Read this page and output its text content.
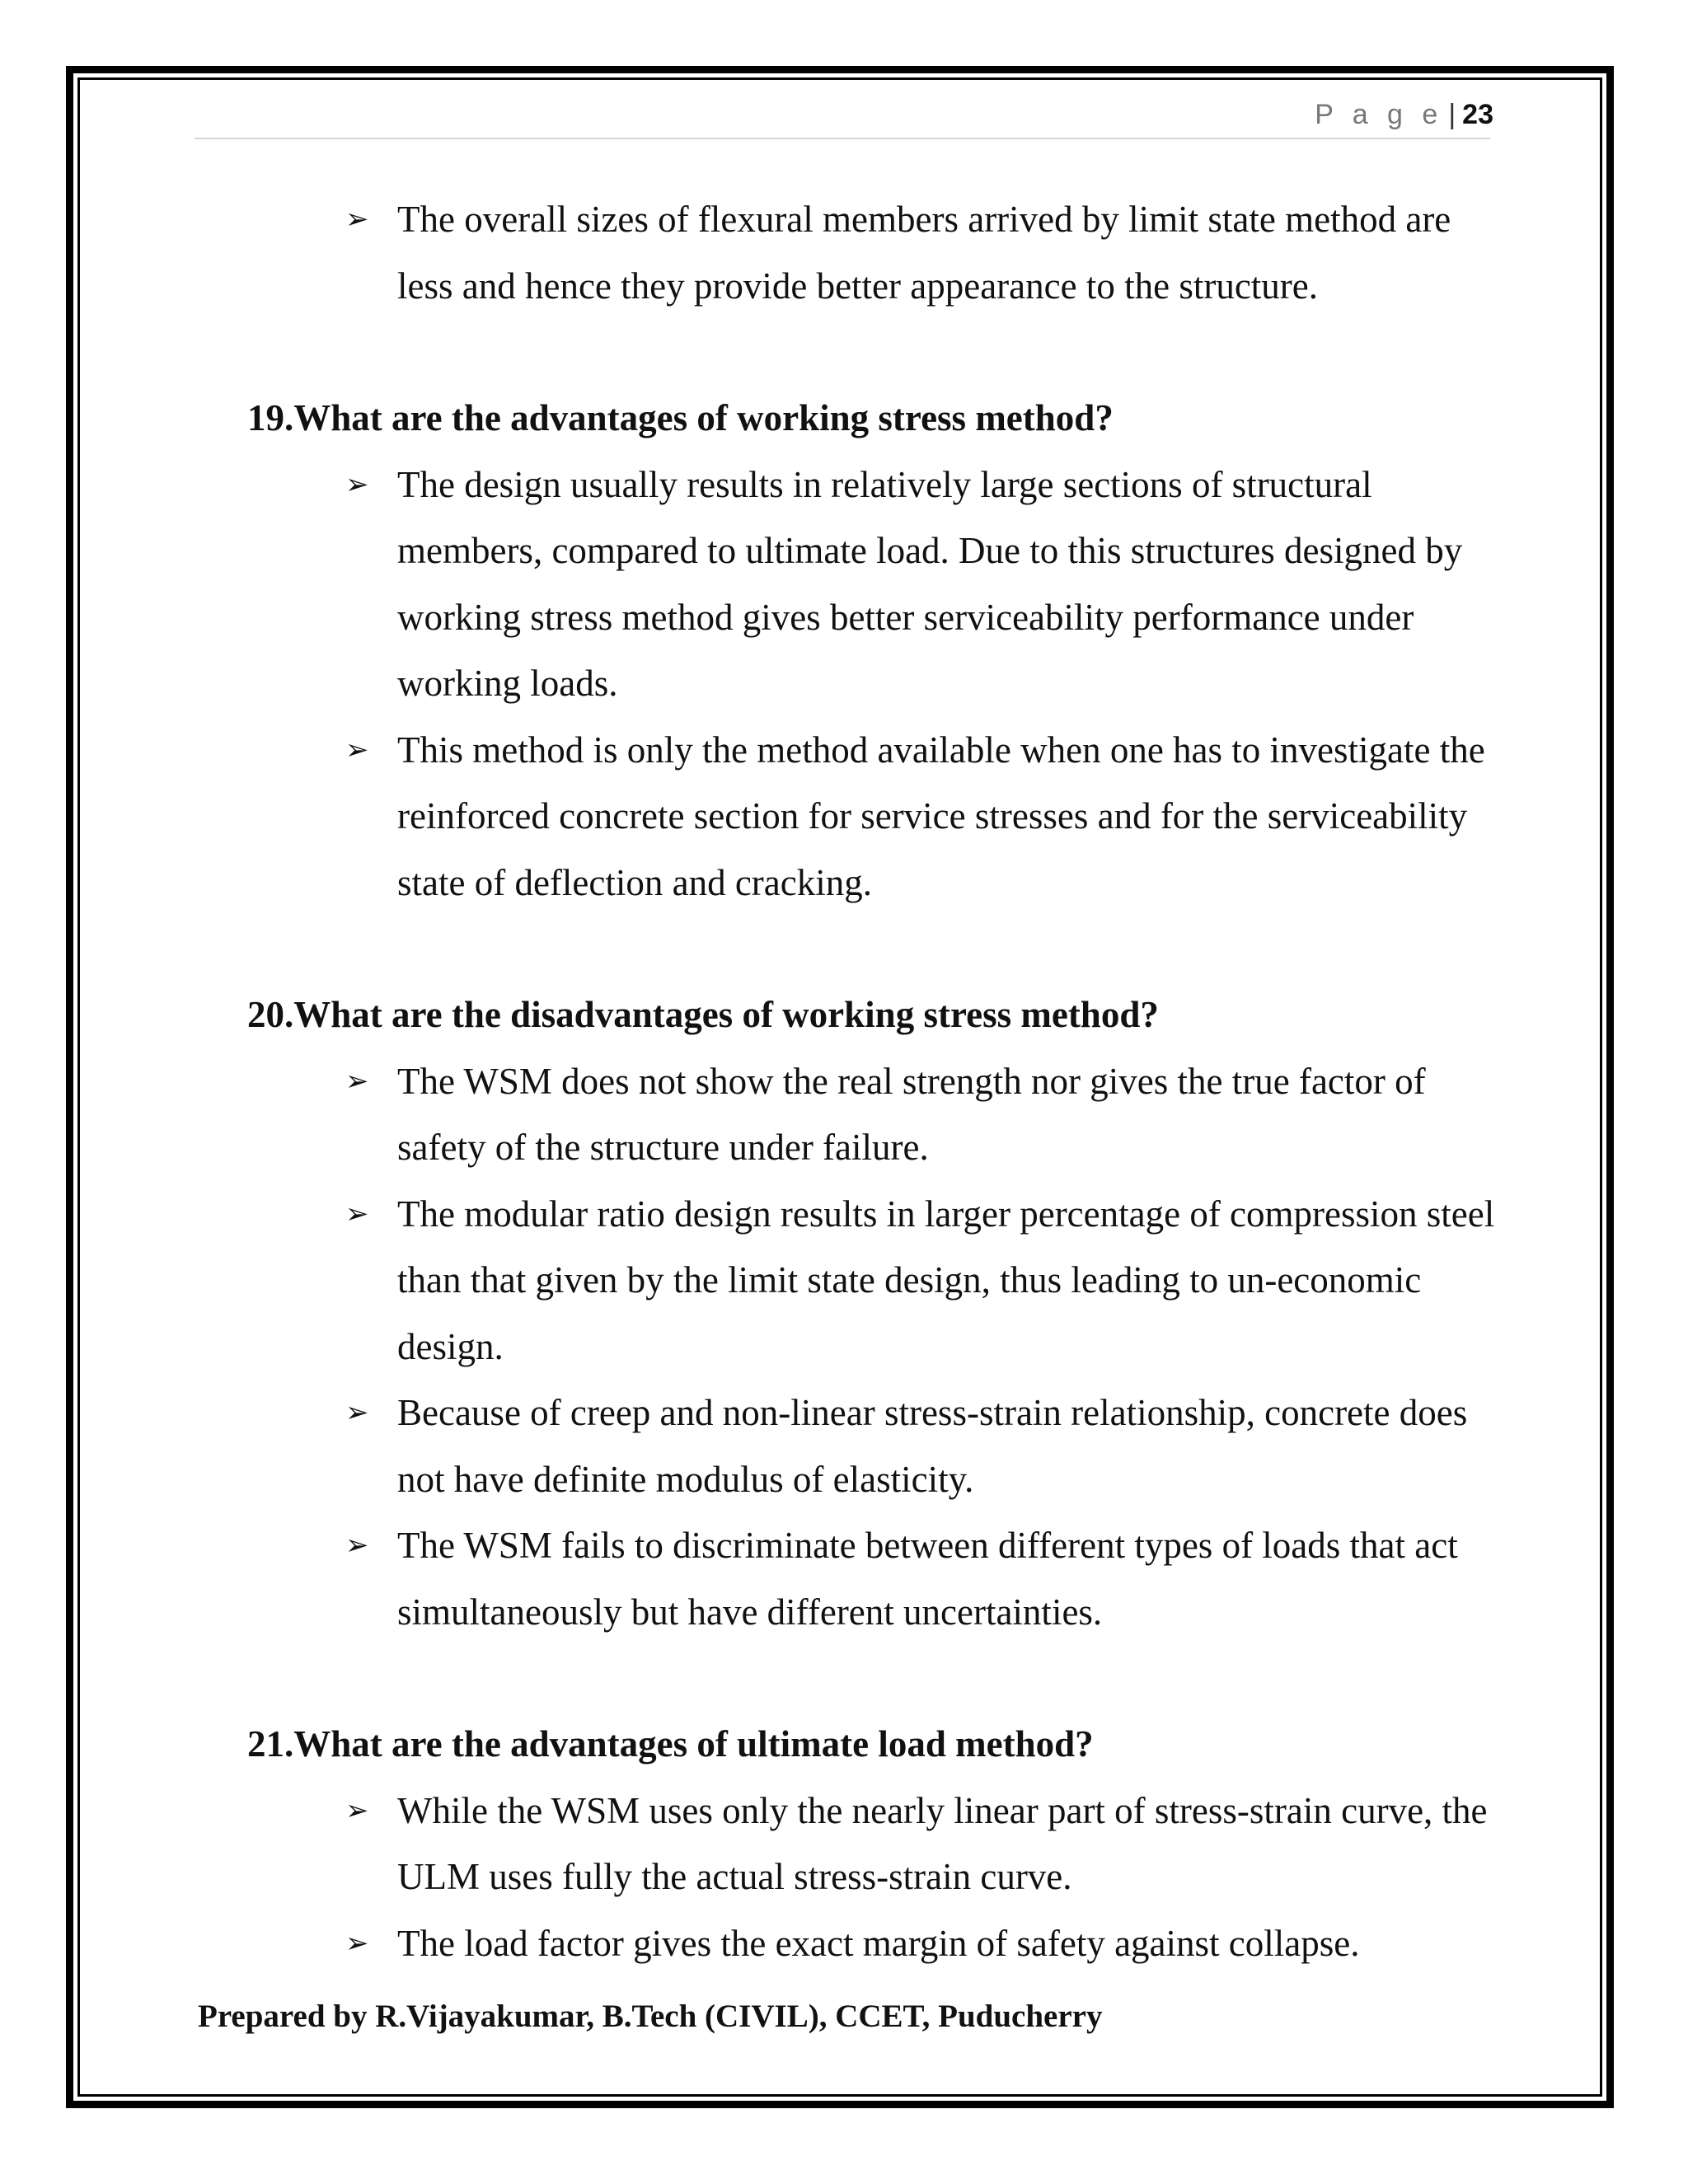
P a g e | 23

➢ The overall sizes of flexural members arrived by limit state method are less and hence they provide better appearance to the structure.

19.What are the advantages of working stress method?

➢ The design usually results in relatively large sections of structural members, compared to ultimate load. Due to this structures designed by working stress method gives better serviceability performance under working loads.

➢ This method is only the method available when one has to investigate the reinforced concrete section for service stresses and for the serviceability state of deflection and cracking.

20.What are the disadvantages of working stress method?

➢ The WSM does not show the real strength nor gives the true factor of safety of the structure under failure.

➢ The modular ratio design results in larger percentage of compression steel than that given by the limit state design, thus leading to un-economic design.

➢ Because of creep and non-linear stress-strain relationship, concrete does not have definite modulus of elasticity.

➢ The WSM fails to discriminate between different types of loads that act simultaneously but have different uncertainties.

21.What are the advantages of ultimate load method?

➢ While the WSM uses only the nearly linear part of stress-strain curve, the ULM uses fully the actual stress-strain curve.

➢ The load factor gives the exact margin of safety against collapse.

Prepared by R.Vijayakumar, B.Tech (CIVIL), CCET, Puducherry
